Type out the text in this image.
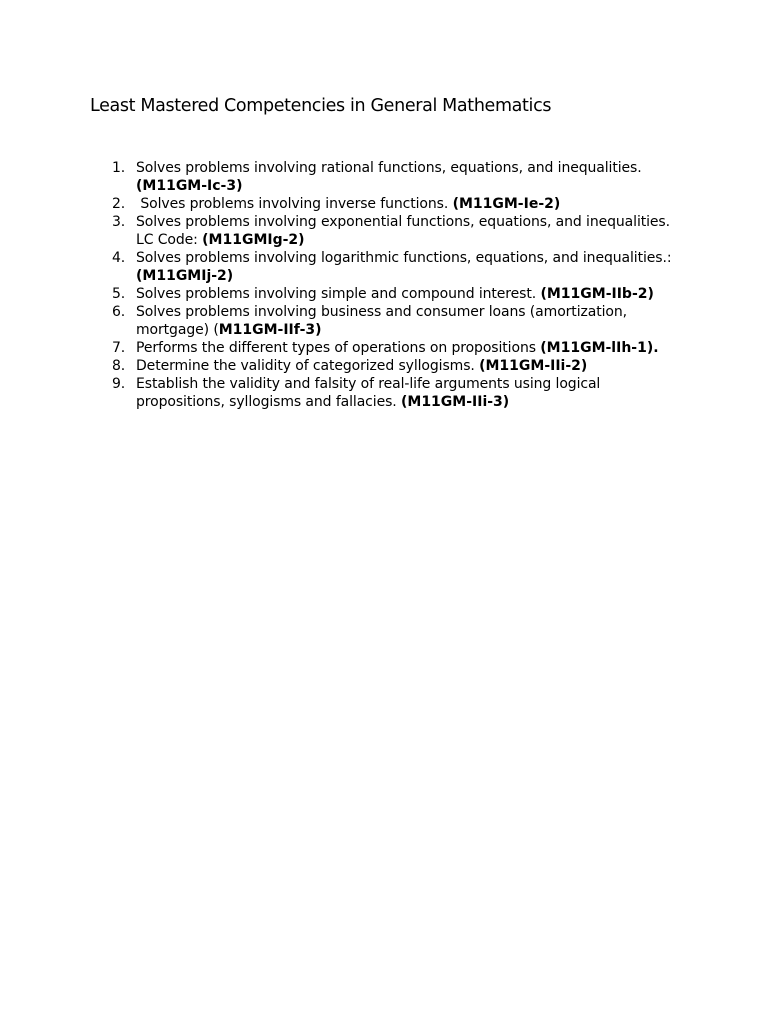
Least Mastered Competencies in General Mathematics
1. Solves problems involving rational functions, equations, and inequalities. (M11GM-Ic-3)
2. Solves problems involving inverse functions. (M11GM-Ie-2)
3. Solves problems involving exponential functions, equations, and inequalities. LC Code: (M11GMIg-2)
4. Solves problems involving logarithmic functions, equations, and inequalities.: (M11GMIj-2)
5. Solves problems involving simple and compound interest. (M11GM-IIb-2)
6. Solves problems involving business and consumer loans (amortization, mortgage) (M11GM-IIf-3)
7. Performs the different types of operations on propositions (M11GM-lIh-1).
8. Determine the validity of categorized syllogisms. (M11GM-IIi-2)
9. Establish the validity and falsity of real-life arguments using logical propositions, syllogisms and fallacies. (M11GM-IIi-3)
